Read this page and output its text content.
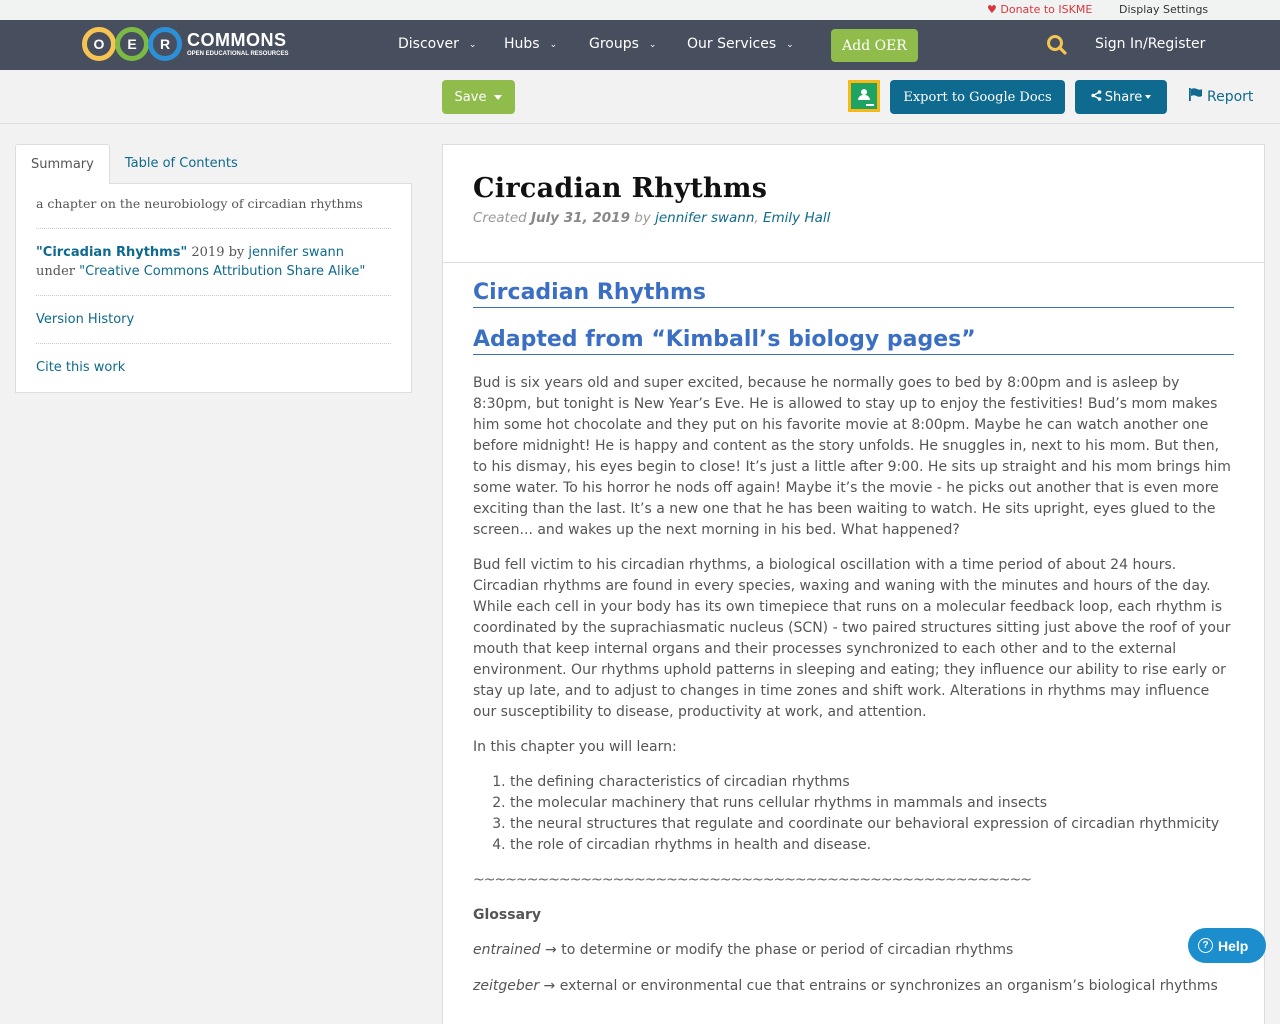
♥ Donate to ISKME Display Settings
O	E	R COMMONS
OPEN EDUCATIONAL RESOURCES
Discover ⌄ Hubs ⌄ Groups ⌄ Our Services ⌄	Add OER	Sign In/Register
Save	Export to Google Docs	Share	Report
Summary	Table of Contents
a chapter on the neurobiology of circadian rhythms
"Circadian Rhythms" 2019 by jennifer swann
under "Creative Commons Attribution Share Alike"
Version History
Cite this work
Circadian Rhythms
Created July 31, 2019 by jennifer swann, Emily Hall
Circadian Rhythms
Adapted from “Kimball’s biology pages”

Bud is six years old and super excited, because he normally goes to bed by 8:00pm and is asleep by 8:30pm, but tonight is New Year’s Eve. He is allowed to stay up to enjoy the festivities! Bud’s mom makes him some hot chocolate and they put on his favorite movie at 8:00pm. Maybe he can watch another one before midnight! He is happy and content as the story unfolds. He snuggles in, next to his mom. But then, to his dismay, his eyes begin to close! It’s just a little after 9:00. He sits up straight and his mom brings him some water. To his horror he nods off again! Maybe it’s the movie - he picks out another that is even more exciting than the last. It’s a new one that he has been waiting to watch. He sits upright, eyes glued to the screen... and wakes up the next morning in his bed. What happened?

Bud fell victim to his circadian rhythms, a biological oscillation with a time period of about 24 hours. Circadian rhythms are found in every species, waxing and waning with the minutes and hours of the day. While each cell in your body has its own timepiece that runs on a molecular feedback loop, each rhythm is coordinated by the suprachiasmatic nucleus (SCN) - two paired structures sitting just above the roof of your mouth that keep internal organs and their processes synchronized to each other and to the external environment. Our rhythms uphold patterns in sleeping and eating; they influence our ability to rise early or stay up late, and to adjust to changes in time zones and shift work. Alterations in rhythms may influence our susceptibility to disease, productivity at work, and attention.

In this chapter you will learn:

1. the defining characteristics of circadian rhythms
2. the molecular machinery that runs cellular rhythms in mammals and insects
3. the neural structures that regulate and coordinate our behavioral expression of circadian rhythmicity
4. the role of circadian rhythms in health and disease.

~~~~~~~~~~~~~~~~~~~~~~~~~~~~~~~~~~~~~~~~~~~~~~~~~~~~

Glossary

entrained → to determine or modify the phase or period of circadian rhythms

zeitgeber → external or environmental cue that entrains or synchronizes an organism’s biological rhythms

? Help
